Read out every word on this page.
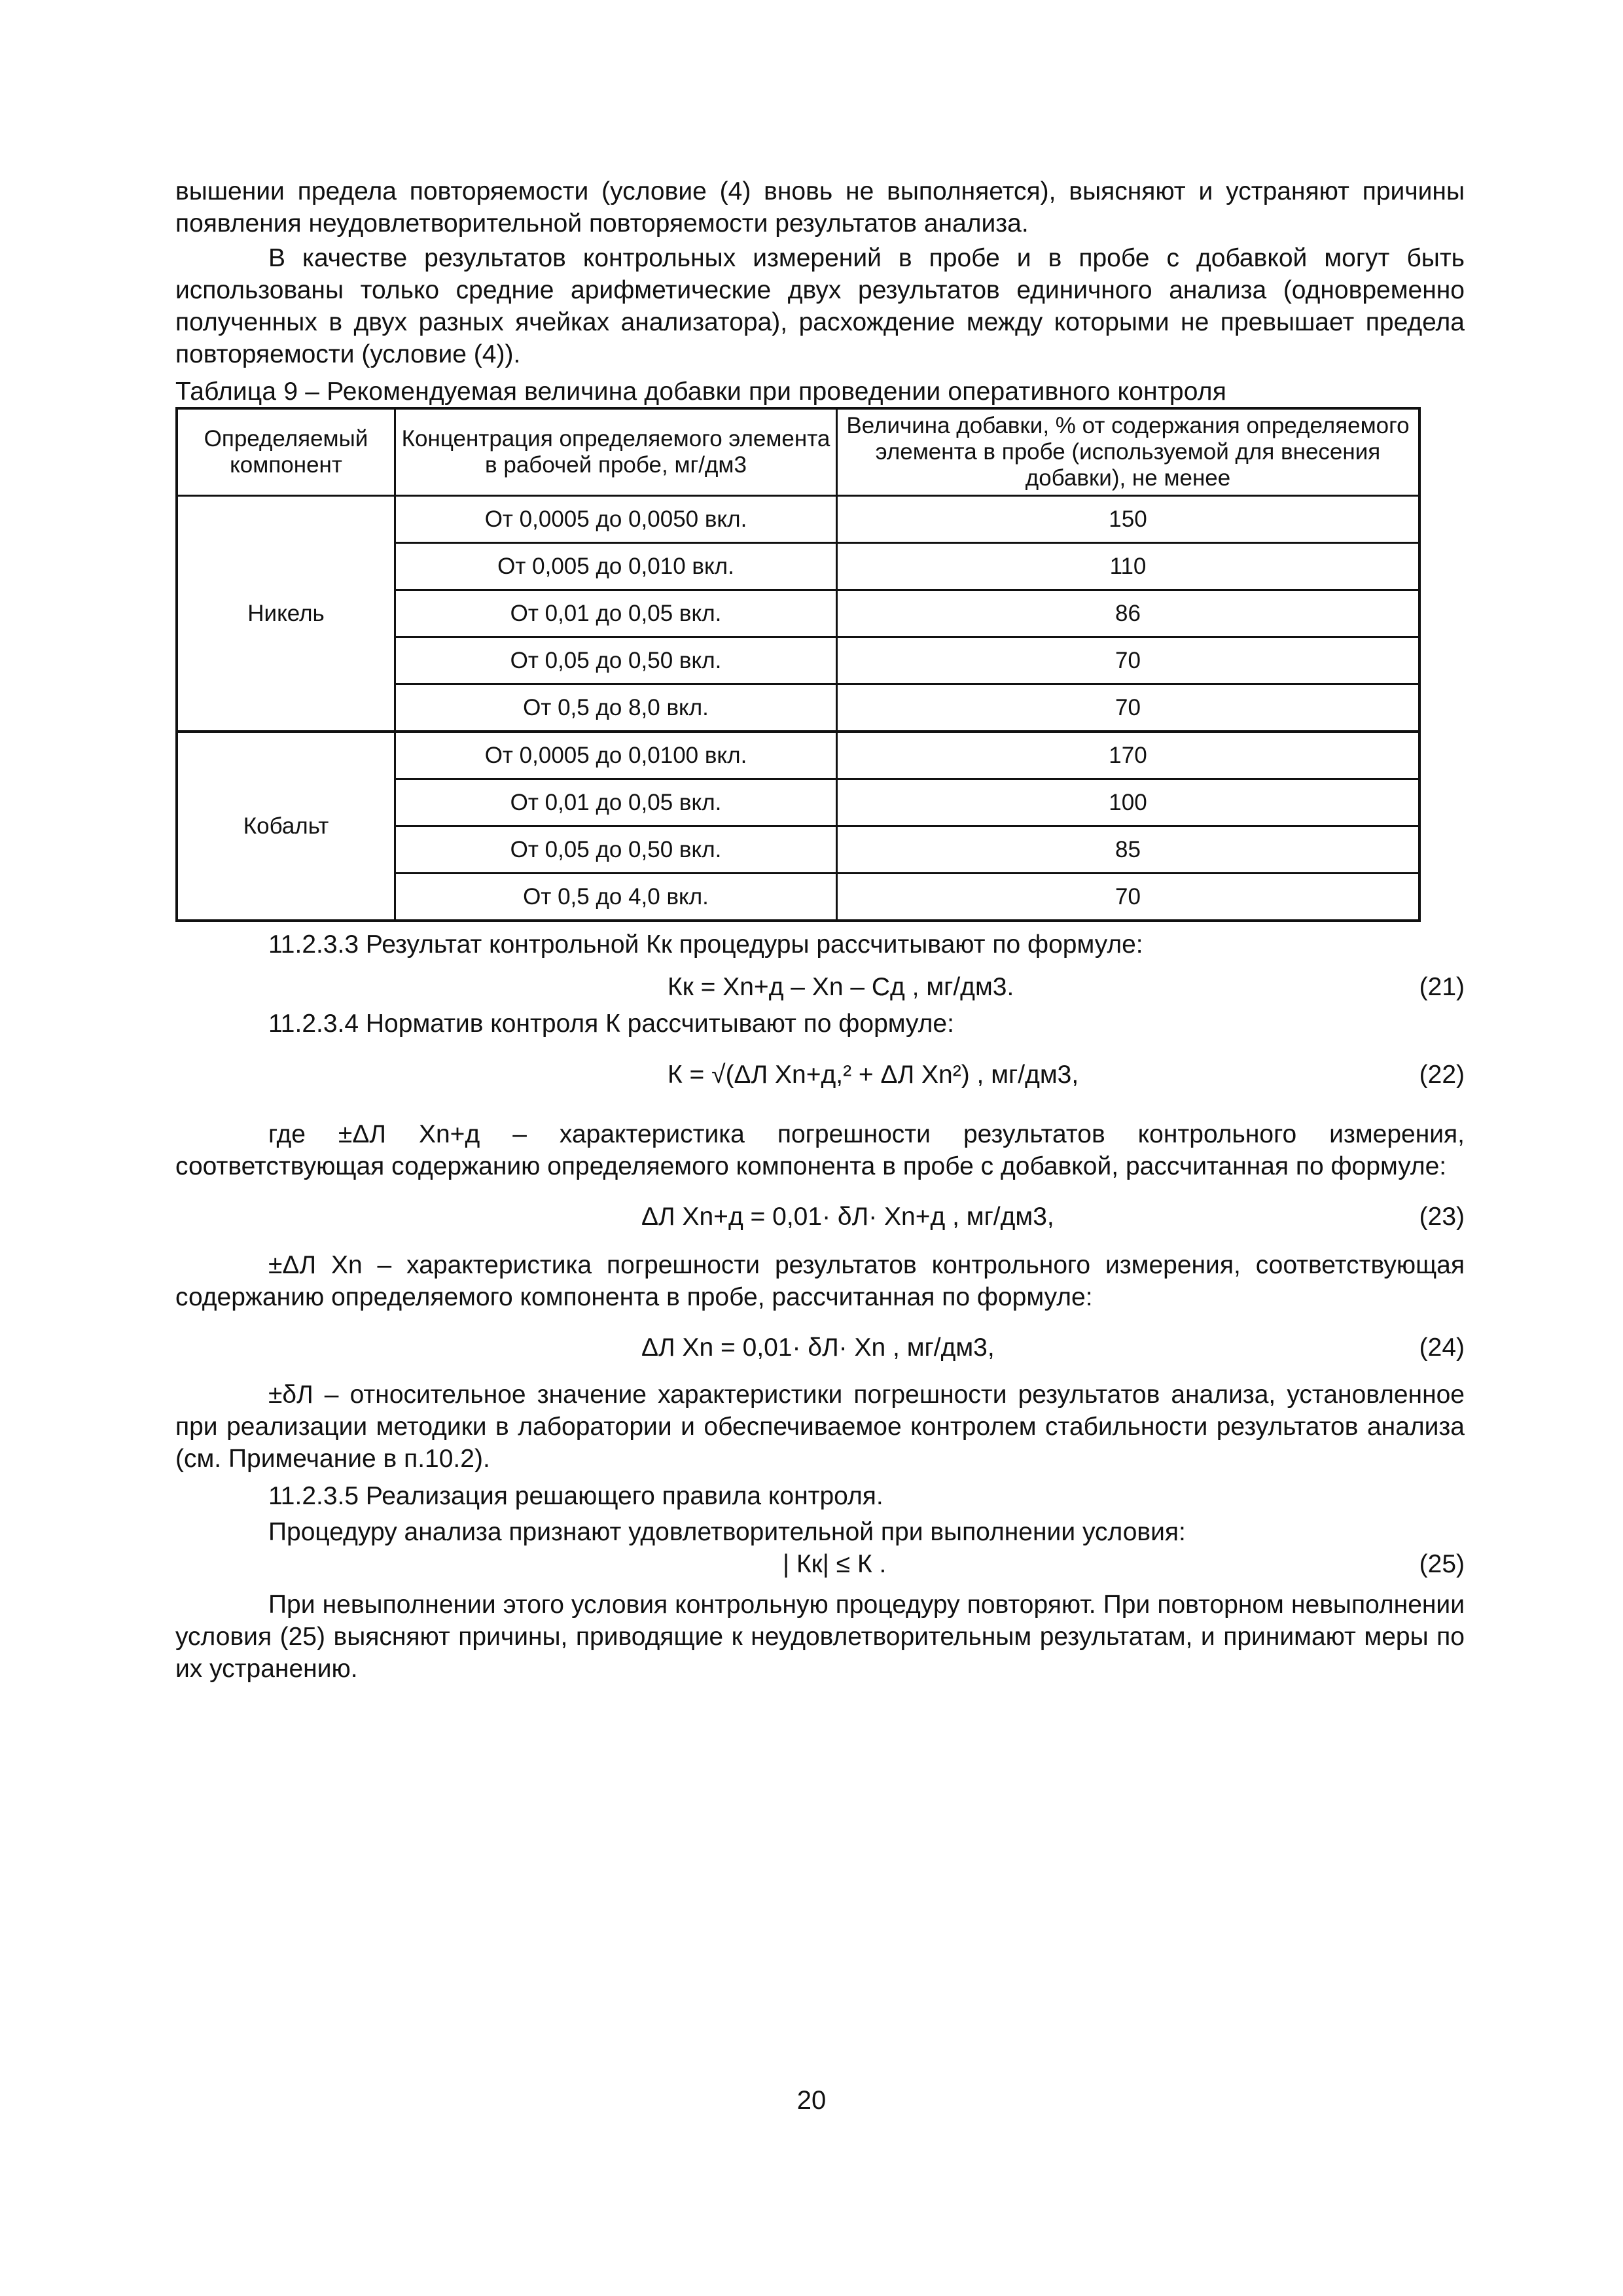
вышении предела повторяемости (условие (4) вновь не выполняется), выясняют и устраняют причины появления неудовлетворительной повторяемости результатов анализа.

В качестве результатов контрольных измерений в пробе и в пробе с добавкой могут быть использованы только средние арифметические двух результатов единичного анализа (одновременно полученных в двух разных ячейках анализатора), расхождение между которыми не превышает предела повторяемости (условие (4)).

Таблица 9 – Рекомендуемая величина добавки при проведении оперативного контроля
Определяемый компонент	Концентрация определяемого элемента в рабочей пробе, мг/дм3	Величина добавки, % от содержания определяемого элемента в пробе (используемой для внесения добавки), не менее
Никель	От 0,0005 до 0,0050 вкл.	150
	От 0,005 до 0,010 вкл.	110
	От 0,01 до 0,05 вкл.	86
	От 0,05 до 0,50 вкл.	70
	От 0,5 до 8,0 вкл.	70
Кобальт	От 0,0005 до 0,0100 вкл.	170
	От 0,01 до 0,05 вкл.	100
	От 0,05 до 0,50 вкл.	85
	От 0,5 до 4,0 вкл.	70

11.2.3.3 Результат контрольной Кк процедуры рассчитывают по формуле:

Кк = Xn+д – Xn – Сд , мг/дм3.	(21)

11.2.3.4 Норматив контроля К рассчитывают по формуле:

К = √(ΔЛ Xn+д,² + ΔЛ Xn²) , мг/дм3,	(22)

где ±ΔЛ Xn+д – характеристика погрешности результатов контрольного измерения, соответствующая содержанию определяемого компонента в пробе с добавкой, рассчитанная по формуле:

ΔЛ Xn+д = 0,01· δЛ· Xn+д , мг/дм3,	(23)

±ΔЛ Xn – характеристика погрешности результатов контрольного измерения, соответствующая содержанию определяемого компонента в пробе, рассчитанная по формуле:

ΔЛ Xn = 0,01· δЛ· Xn , мг/дм3,	(24)

±δЛ – относительное значение характеристики погрешности результатов анализа, установленное при реализации методики в лаборатории и обеспечиваемое контролем стабильности результатов анализа (см. Примечание в п.10.2).

11.2.3.5 Реализация решающего правила контроля.

Процедуру анализа признают удовлетворительной при выполнении условия:

| Кк| ≤ К .	(25)

При невыполнении этого условия контрольную процедуру повторяют. При повторном невыполнении условия (25) выясняют причины, приводящие к неудовлетворительным результатам, и принимают меры по их устранению.

20
